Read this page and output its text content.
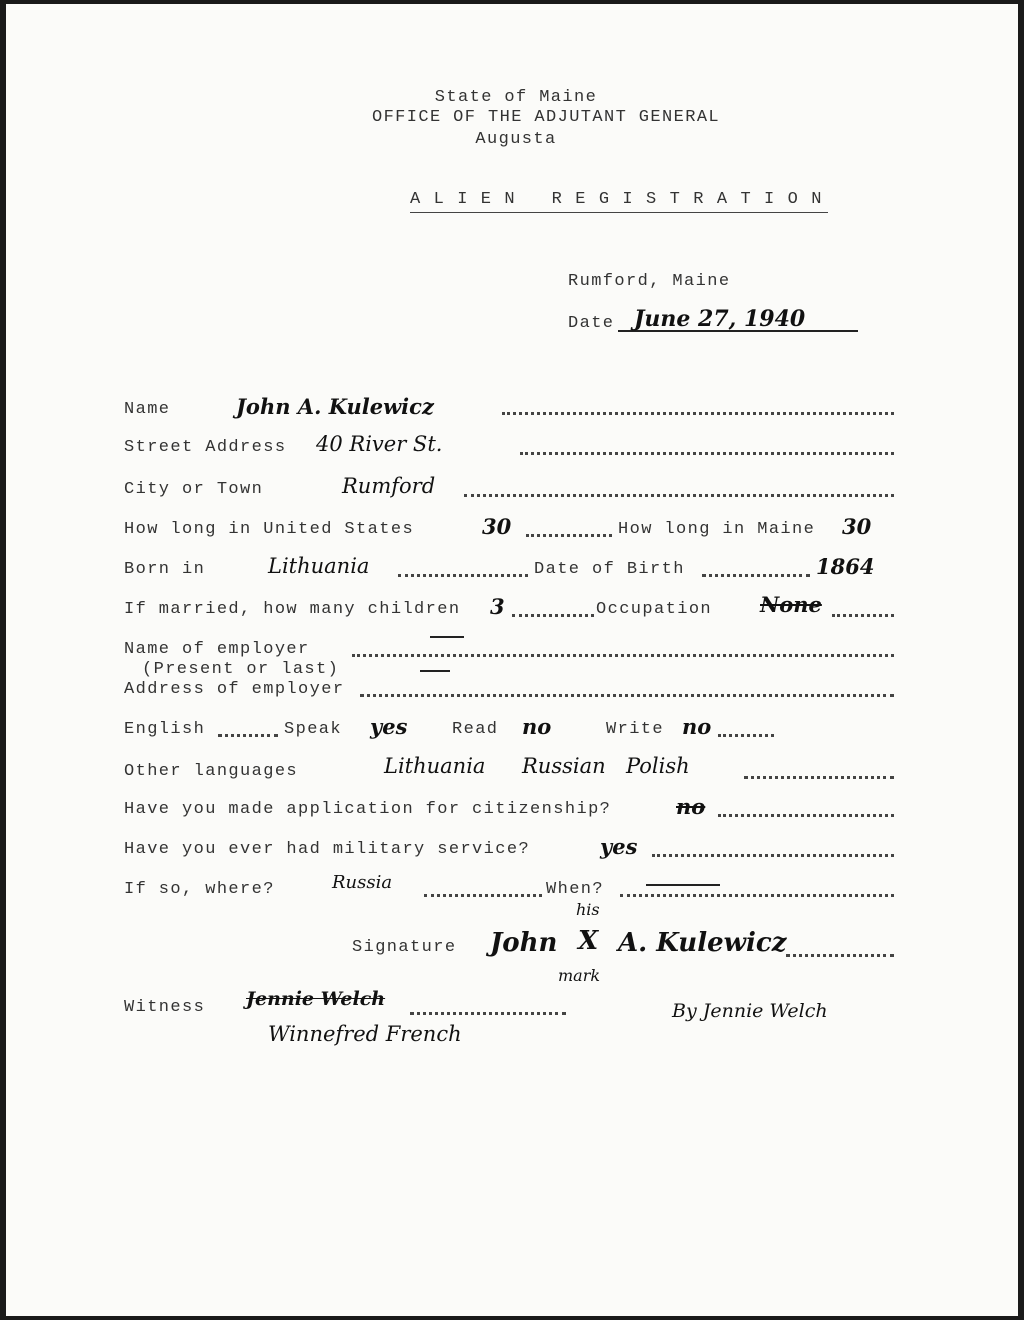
State of Maine
OFFICE OF THE ADJUTANT GENERAL
Augusta
A L I E N   R E G I S T R A T I O N
Rumford, Maine
Date June 27, 1940
Name	John A. Kulewicz
Street Address 40 River St.
City or Town	Rumford
How long in United States	30	How long in Maine 30
Born in	Lithuania	Date of Birth	1864
If married, how many children 3	Occupation None
Name of employer
(Present or last)
Address of employer
English	Speak yes	Read no	Write no
Other languages	Lithuania Russian Polish
Have you made application for citizenship?	no
Have you ever had military service?	yes
If so, where?	Russia	When?
Signature John
his
X
mark
A. Kulewicz
Witness Jennie Welch
Winnefred French
By Jennie Welch
